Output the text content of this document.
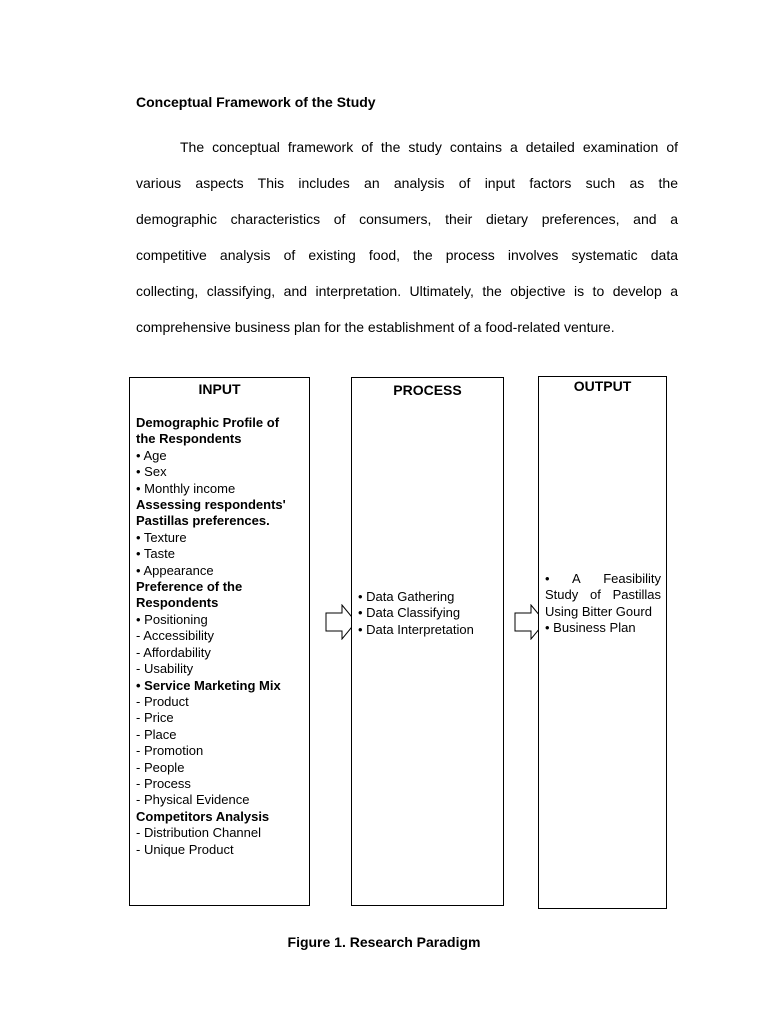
Conceptual Framework of the Study

The conceptual framework of the study contains a detailed examination of
various aspects This includes an analysis of input factors such as the
demographic characteristics of consumers, their dietary preferences, and a
competitive analysis of existing food, the process involves systematic data
collecting, classifying, and interpretation. Ultimately, the objective is to develop a
comprehensive business plan for the establishment of a food-related venture.

INPUT
Demographic Profile of
the Respondents
• Age
• Sex
• Monthly income
Assessing respondents'
Pastillas preferences.
• Texture
• Taste
• Appearance
Preference of the
Respondents
• Positioning
- Accessibility
- Affordability
- Usability
• Service Marketing Mix
- Product
- Price
- Place
- Promotion
- People
- Process
- Physical Evidence
Competitors Analysis
- Distribution Channel
- Unique Product
PROCESS
• Data Gathering
• Data Classifying
• Data Interpretation
OUTPUT
• A Feasibility
Study of Pastillas
Using Bitter Gourd
• Business Plan
Figure 1. Research Paradigm
